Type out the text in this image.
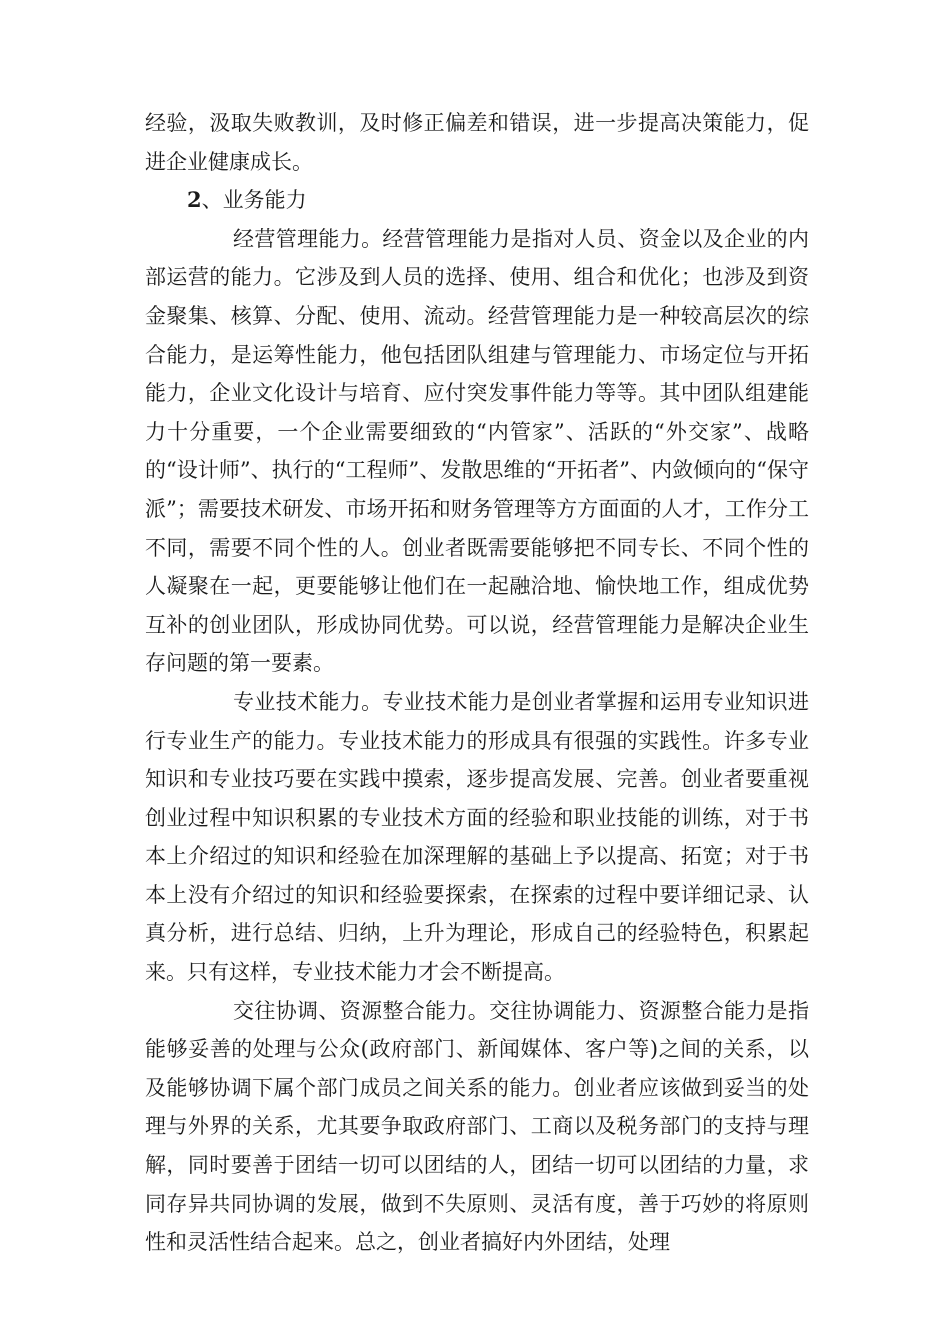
经验，汲取失败教训，及时修正偏差和错误，进一步提高决策能力，促进企业健康成长。

2、业务能力

经营管理能力。经营管理能力是指对人员、资金以及企业的内部运营的能力。它涉及到人员的选择、使用、组合和优化；也涉及到资金聚集、核算、分配、使用、流动。经营管理能力是一种较高层次的综合能力，是运筹性能力，他包括团队组建与管理能力、市场定位与开拓能力，企业文化设计与培育、应付突发事件能力等等。其中团队组建能力十分重要，一个企业需要细致的“内管家”、活跃的“外交家”、战略的“设计师”、执行的“工程师”、发散思维的“开拓者”、内敛倾向的“保守派”；需要技术研发、市场开拓和财务管理等方方面面的人才，工作分工不同，需要不同个性的人。创业者既需要能够把不同专长、不同个性的人凝聚在一起，更要能够让他们在一起融洽地、愉快地工作，组成优势互补的创业团队，形成协同优势。可以说，经营管理能力是解决企业生存问题的第一要素。

专业技术能力。专业技术能力是创业者掌握和运用专业知识进行专业生产的能力。专业技术能力的形成具有很强的实践性。许多专业知识和专业技巧要在实践中摸索，逐步提高发展、完善。创业者要重视创业过程中知识积累的专业技术方面的经验和职业技能的训练，对于书本上介绍过的知识和经验在加深理解的基础上予以提高、拓宽；对于书本上没有介绍过的知识和经验要探索，在探索的过程中要详细记录、认真分析，进行总结、归纳，上升为理论，形成自己的经验特色，积累起来。只有这样，专业技术能力才会不断提高。

交往协调、资源整合能力。交往协调能力、资源整合能力是指能够妥善的处理与公众(政府部门、新闻媒体、客户等)之间的关系，以及能够协调下属个部门成员之间关系的能力。创业者应该做到妥当的处理与外界的关系，尤其要争取政府部门、工商以及税务部门的支持与理解，同时要善于团结一切可以团结的人，团结一切可以团结的力量，求同存异共同协调的发展，做到不失原则、灵活有度，善于巧妙的将原则性和灵活性结合起来。总之，创业者搞好内外团结，处理
